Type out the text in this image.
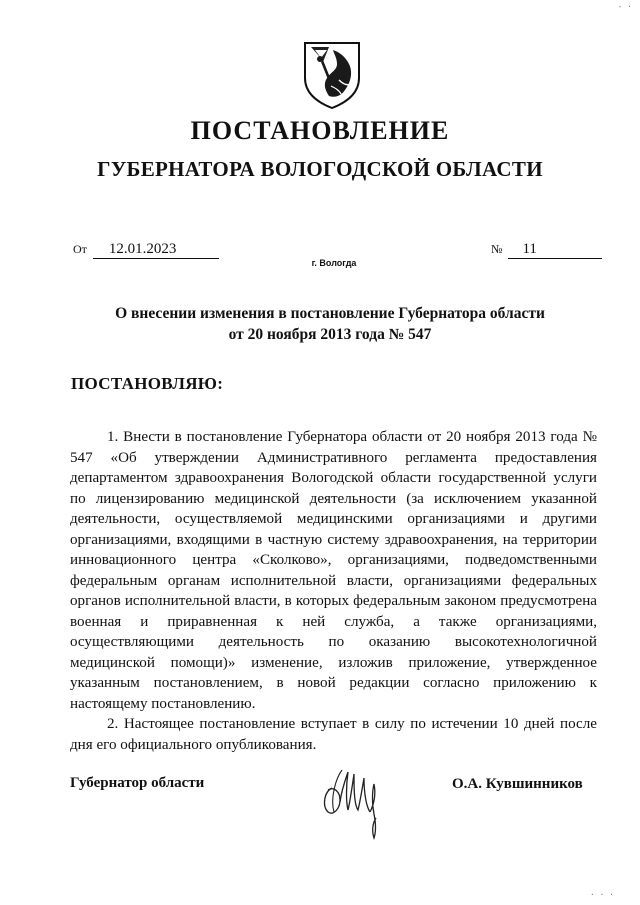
- ·
ПОСТАНОВЛЕНИЕ
ГУБЕРНАТОРА ВОЛОГОДСКОЙ ОБЛАСТИ
От 12.01.2023	№ 11
г. Вологда
О внесении изменения в постановление Губернатора области
от 20 ноября 2013 года № 547
ПОСТАНОВЛЯЮ:

1. Внести в постановление Губернатора области от 20 ноября 2013 года № 547 «Об утверждении Административного регламента предоставления департаментом здравоохранения Вологодской области государственной услуги по лицензированию медицинской деятельности (за исключением указанной деятельности, осуществляемой медицинскими организациями и другими организациями, входящими в частную систему здравоохранения, на территории инновационного центра «Сколково», организациями, подведомственными федеральным органам исполнительной власти, организациями федеральных органов исполнительной власти, в которых федеральным законом предусмотрена военная и приравненная к ней служба, а также организациями, осуществляющими деятельность по оказанию высокотехнологичной медицинской помощи)» изменение, изложив приложение, утвержденное указанным постановлением, в новой редакции согласно приложению к настоящему постановлению.

2. Настоящее постановление вступает в силу по истечении 10 дней после дня его официального опубликования.

Губернатор области	О.А. Кувшинников
· · ·
